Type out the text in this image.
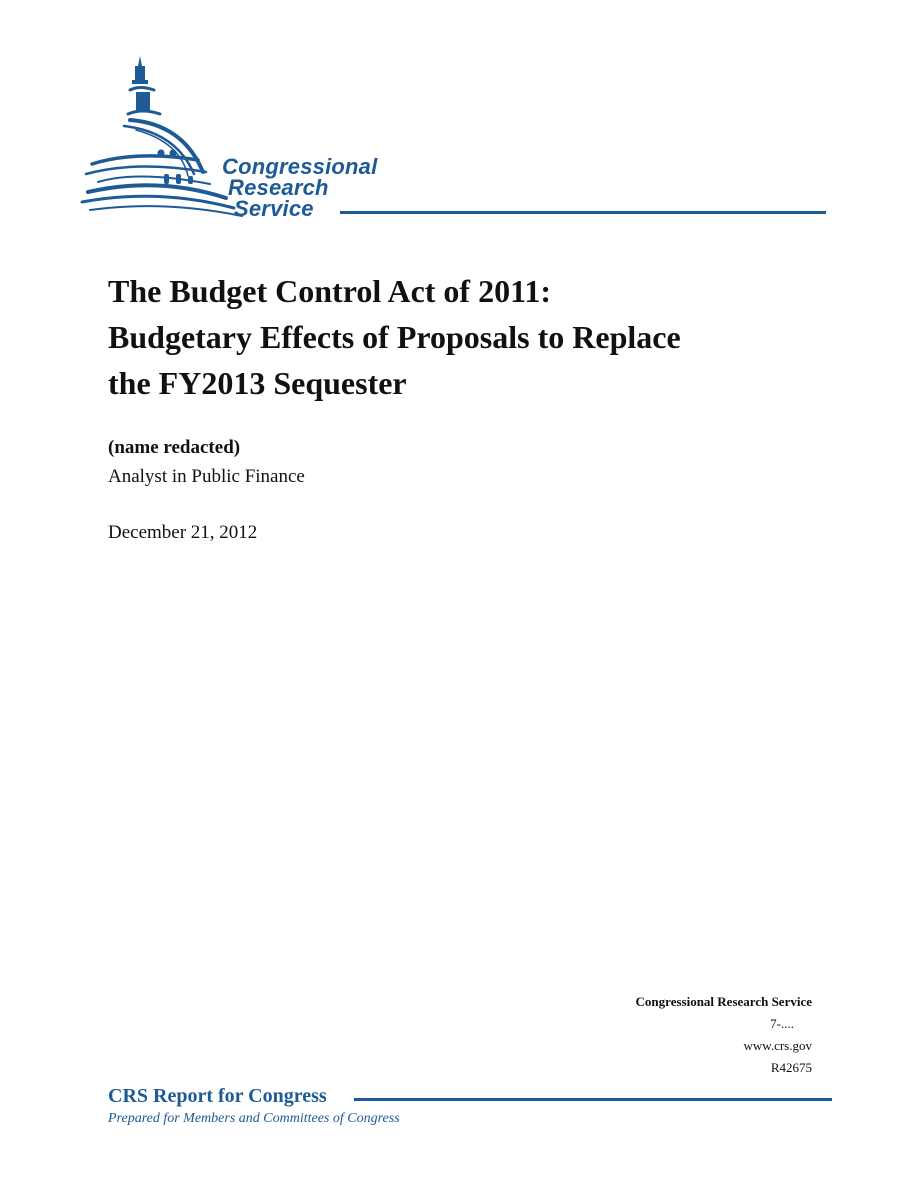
Congressional
Research
Service
The Budget Control Act of 2011:
Budgetary Effects of Proposals to Replace
the FY2013 Sequester
(name redacted)
Analyst in Public Finance
December 21, 2012
Congressional Research Service
7-....
www.crs.gov
R42675
CRS Report for Congress
Prepared for Members and Committees of Congress
